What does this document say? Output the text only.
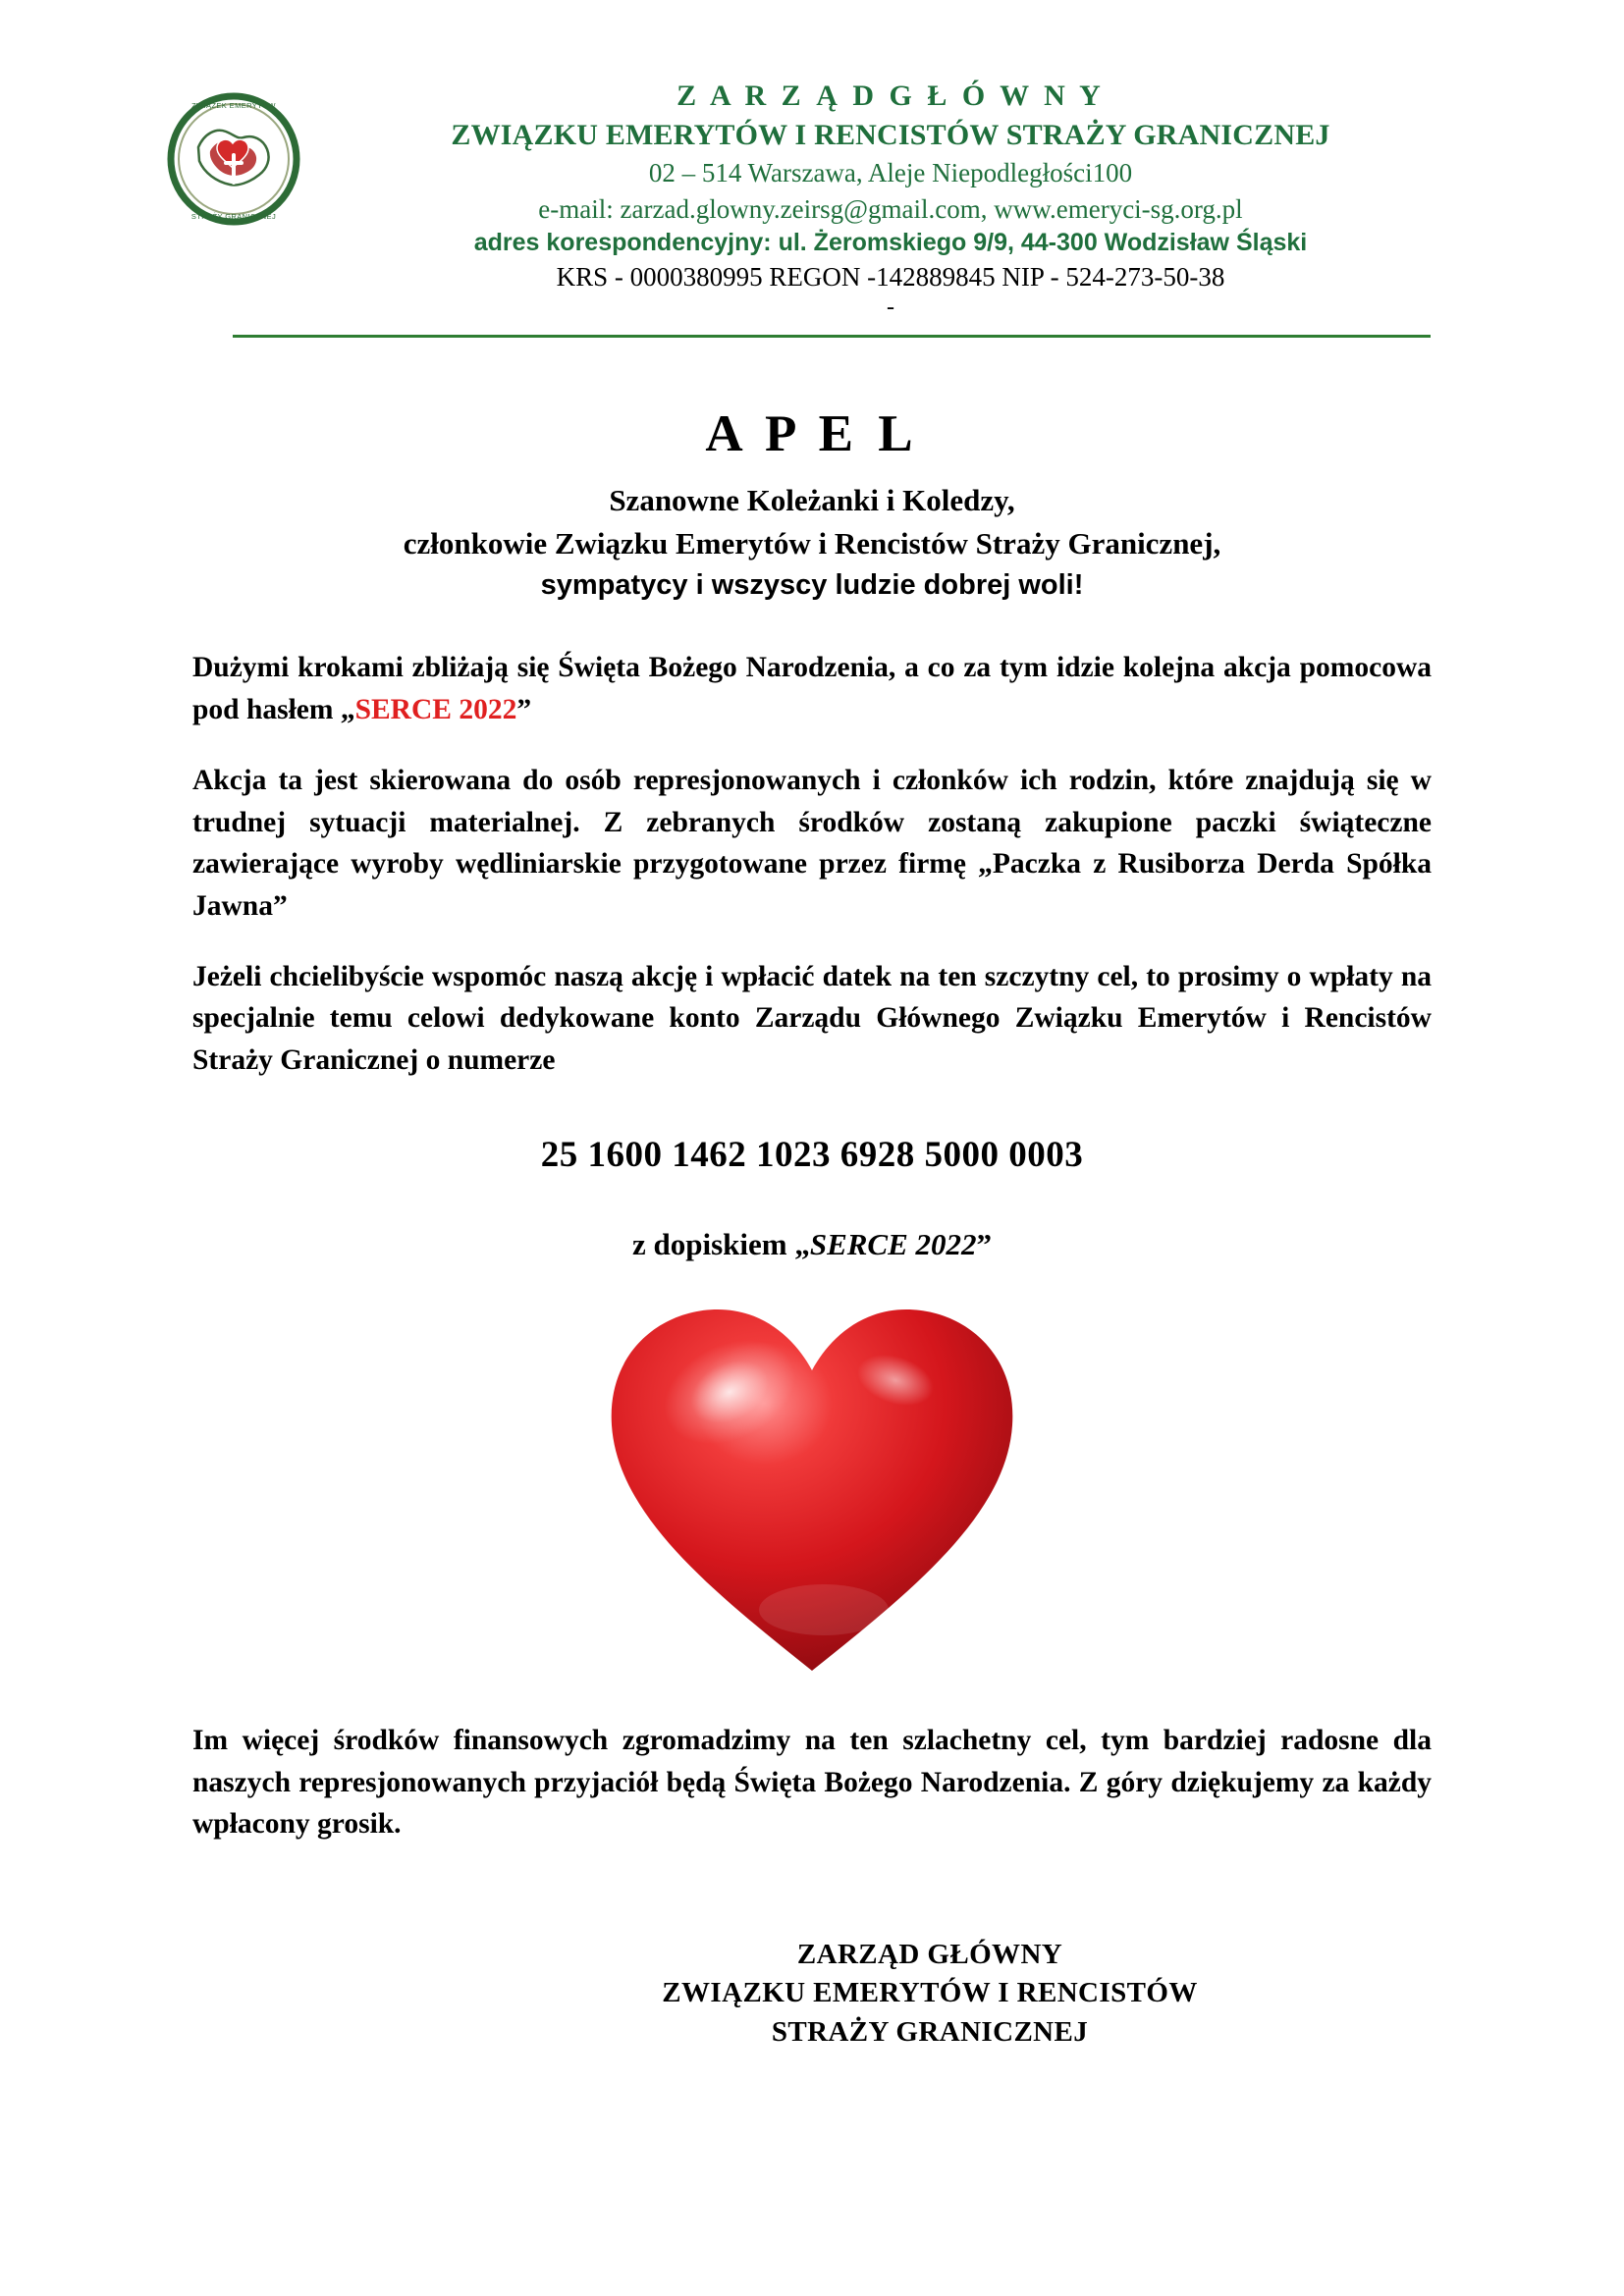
ZWIĄZEK EMERYTÓW
STRAŻY GRANICZNEJ
Z A R Z Ą D G Ł Ó W N Y
ZWIĄZKU EMERYTÓW I RENCISTÓW STRAŻY GRANICZNEJ
02 – 514 Warszawa, Aleje Niepodległości100
e-mail: zarzad.glowny.zeirsg@gmail.com, www.emeryci-sg.org.pl
adres korespondencyjny: ul. Żeromskiego 9/9, 44-300 Wodzisław Śląski
KRS - 0000380995 REGON -142889845 NIP - 524-273-50-38
-
A P E L
Szanowne Koleżanki i Koledzy,
członkowie Związku Emerytów i Rencistów Straży Granicznej,
sympatycy i wszyscy ludzie dobrej woli!

Dużymi krokami zbliżają się Święta Bożego Narodzenia, a co za tym idzie kolejna akcja pomocowa pod hasłem „SERCE 2022”

Akcja ta jest skierowana do osób represjonowanych i członków ich rodzin, które znajdują się w trudnej sytuacji materialnej. Z zebranych środków zostaną zakupione paczki świąteczne zawierające wyroby wędliniarskie przygotowane przez firmę „Paczka z Rusiborza Derda Spółka Jawna”

Jeżeli chcielibyście wspomóc naszą akcję i wpłacić datek na ten szczytny cel, to prosimy o wpłaty na specjalnie temu celowi dedykowane konto Zarządu Głównego Związku Emerytów i Rencistów Straży Granicznej o numerze

25 1600 1462 1023 6928 5000 0003
z dopiskiem „SERCE 2022”

Im więcej środków finansowych zgromadzimy na ten szlachetny cel, tym bardziej radosne dla naszych represjonowanych przyjaciół będą Święta Bożego Narodzenia. Z góry dziękujemy za każdy wpłacony grosik.

ZARZĄD GŁÓWNY
ZWIĄZKU EMERYTÓW I RENCISTÓW
STRAŻY GRANICZNEJ
